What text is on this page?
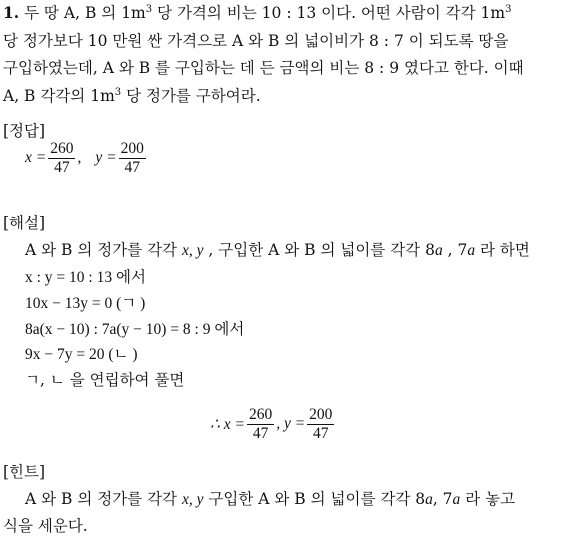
1. 두 땅 A, B 의 $1m^3$ 당 가격의 비는 10 : 13 이다. 어떤 사람이 각각 $1m^3$
당 정가보다 10 만원 싼 가격으로 A 와 B 의 넓이비가 8 : 7 이 되도록 땅을
구입하였는데, A 와 B 를 구입하는 데 든 금액의 비는 8 : 9 였다고 한다. 이때
A, B 각각의 $1m^3$ 당 정가를 구하여라.
[정답]
$x = \frac{260}{47}$ , $y = \frac{200}{47}$
[해설]
A 와 B 의 정가를 각각 x, y , 구입한 A 와 B 의 넓이를 각각 8a , 7a 라 하면
x : y = 10 : 13 에서
10x − 13y = 0 (ㄱ )
8a(x − 10) : 7a(y − 10) = 8 : 9 에서
9x − 7y = 20 (ㄴ )
ㄱ, ㄴ 을 연립하여 풀면
∴ $x = \frac{260}{47}$ , $y = \frac{200}{47}$
[힌트]
A 와 B 의 정가를 각각 x, y 구입한 A 와 B 의 넓이를 각각 8a, 7a 라 놓고
식을 세운다.
